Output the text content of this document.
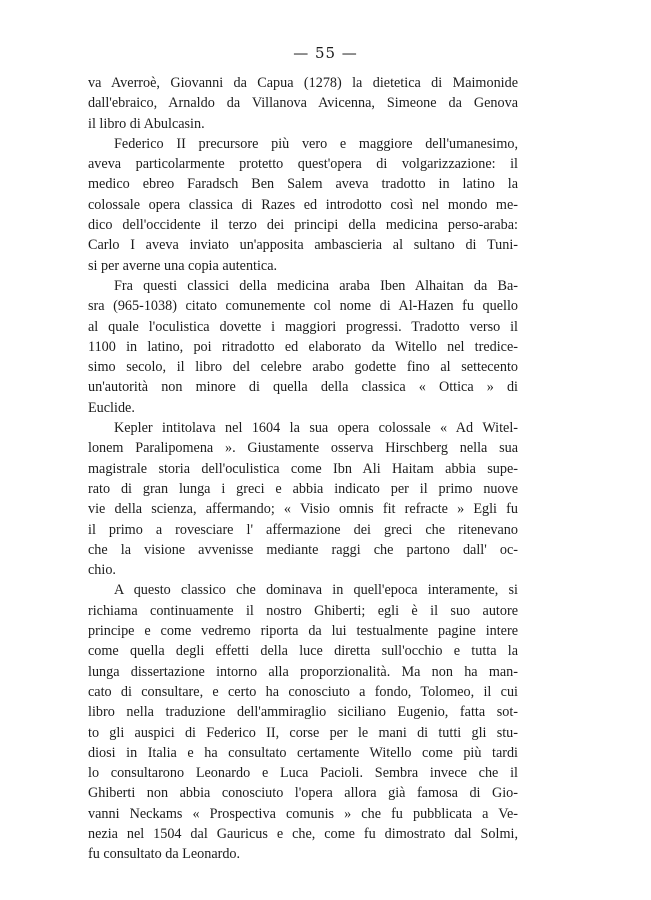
— 55 —
va Averroè, Giovanni da Capua (1278) la dietetica di Maimonide
dall'ebraico, Arnaldo da Villanova Avicenna, Simeone da Genova
il libro di Abulcasin.
Federico II precursore più vero e maggiore dell'umanesimo,
aveva particolarmente protetto quest'opera di volgarizzazione: il
medico ebreo Faradsch Ben Salem aveva tradotto in latino la
colossale opera classica di Razes ed introdotto così nel mondo me-
dico dell'occidente il terzo dei principi della medicina perso-araba:
Carlo I aveva inviato un'apposita ambascieria al sultano di Tuni-
si per averne una copia autentica.
Fra questi classici della medicina araba Iben Alhaitan da Ba-
sra (965-1038) citato comunemente col nome di Al-Hazen fu quello
al quale l'oculistica dovette i maggiori progressi. Tradotto verso il
1100 in latino, poi ritradotto ed elaborato da Witello nel tredice-
simo secolo, il libro del celebre arabo godette fino al settecento
un'autorità non minore di quella della classica « Ottica » di
Euclide.
Kepler intitolava nel 1604 la sua opera colossale « Ad Witel-
lonem Paralipomena ». Giustamente osserva Hirschberg nella sua
magistrale storia dell'oculistica come Ibn Ali Haitam abbia supe-
rato di gran lunga i greci e abbia indicato per il primo nuove
vie della scienza, affermando; « Visio omnis fit refracte » Egli fu
il primo a rovesciare l' affermazione dei greci che ritenevano
che la visione avvenisse mediante raggi che partono dall' oc-
chio.
A questo classico che dominava in quell'epoca interamente, si
richiama continuamente il nostro Ghiberti; egli è il suo autore
principe e come vedremo riporta da lui testualmente pagine intere
come quella degli effetti della luce diretta sull'occhio e tutta la
lunga dissertazione intorno alla proporzionalità. Ma non ha man-
cato di consultare, e certo ha conosciuto a fondo, Tolomeo, il cui
libro nella traduzione dell'ammiraglio siciliano Eugenio, fatta sot-
to gli auspici di Federico II, corse per le mani di tutti gli stu-
diosi in Italia e ha consultato certamente Witello come più tardi
lo consultarono Leonardo e Luca Pacioli. Sembra invece che il
Ghiberti non abbia conosciuto l'opera allora già famosa di Gio-
vanni Neckams « Prospectiva comunis » che fu pubblicata a Ve-
nezia nel 1504 dal Gauricus e che, come fu dimostrato dal Solmi,
fu consultato da Leonardo.
